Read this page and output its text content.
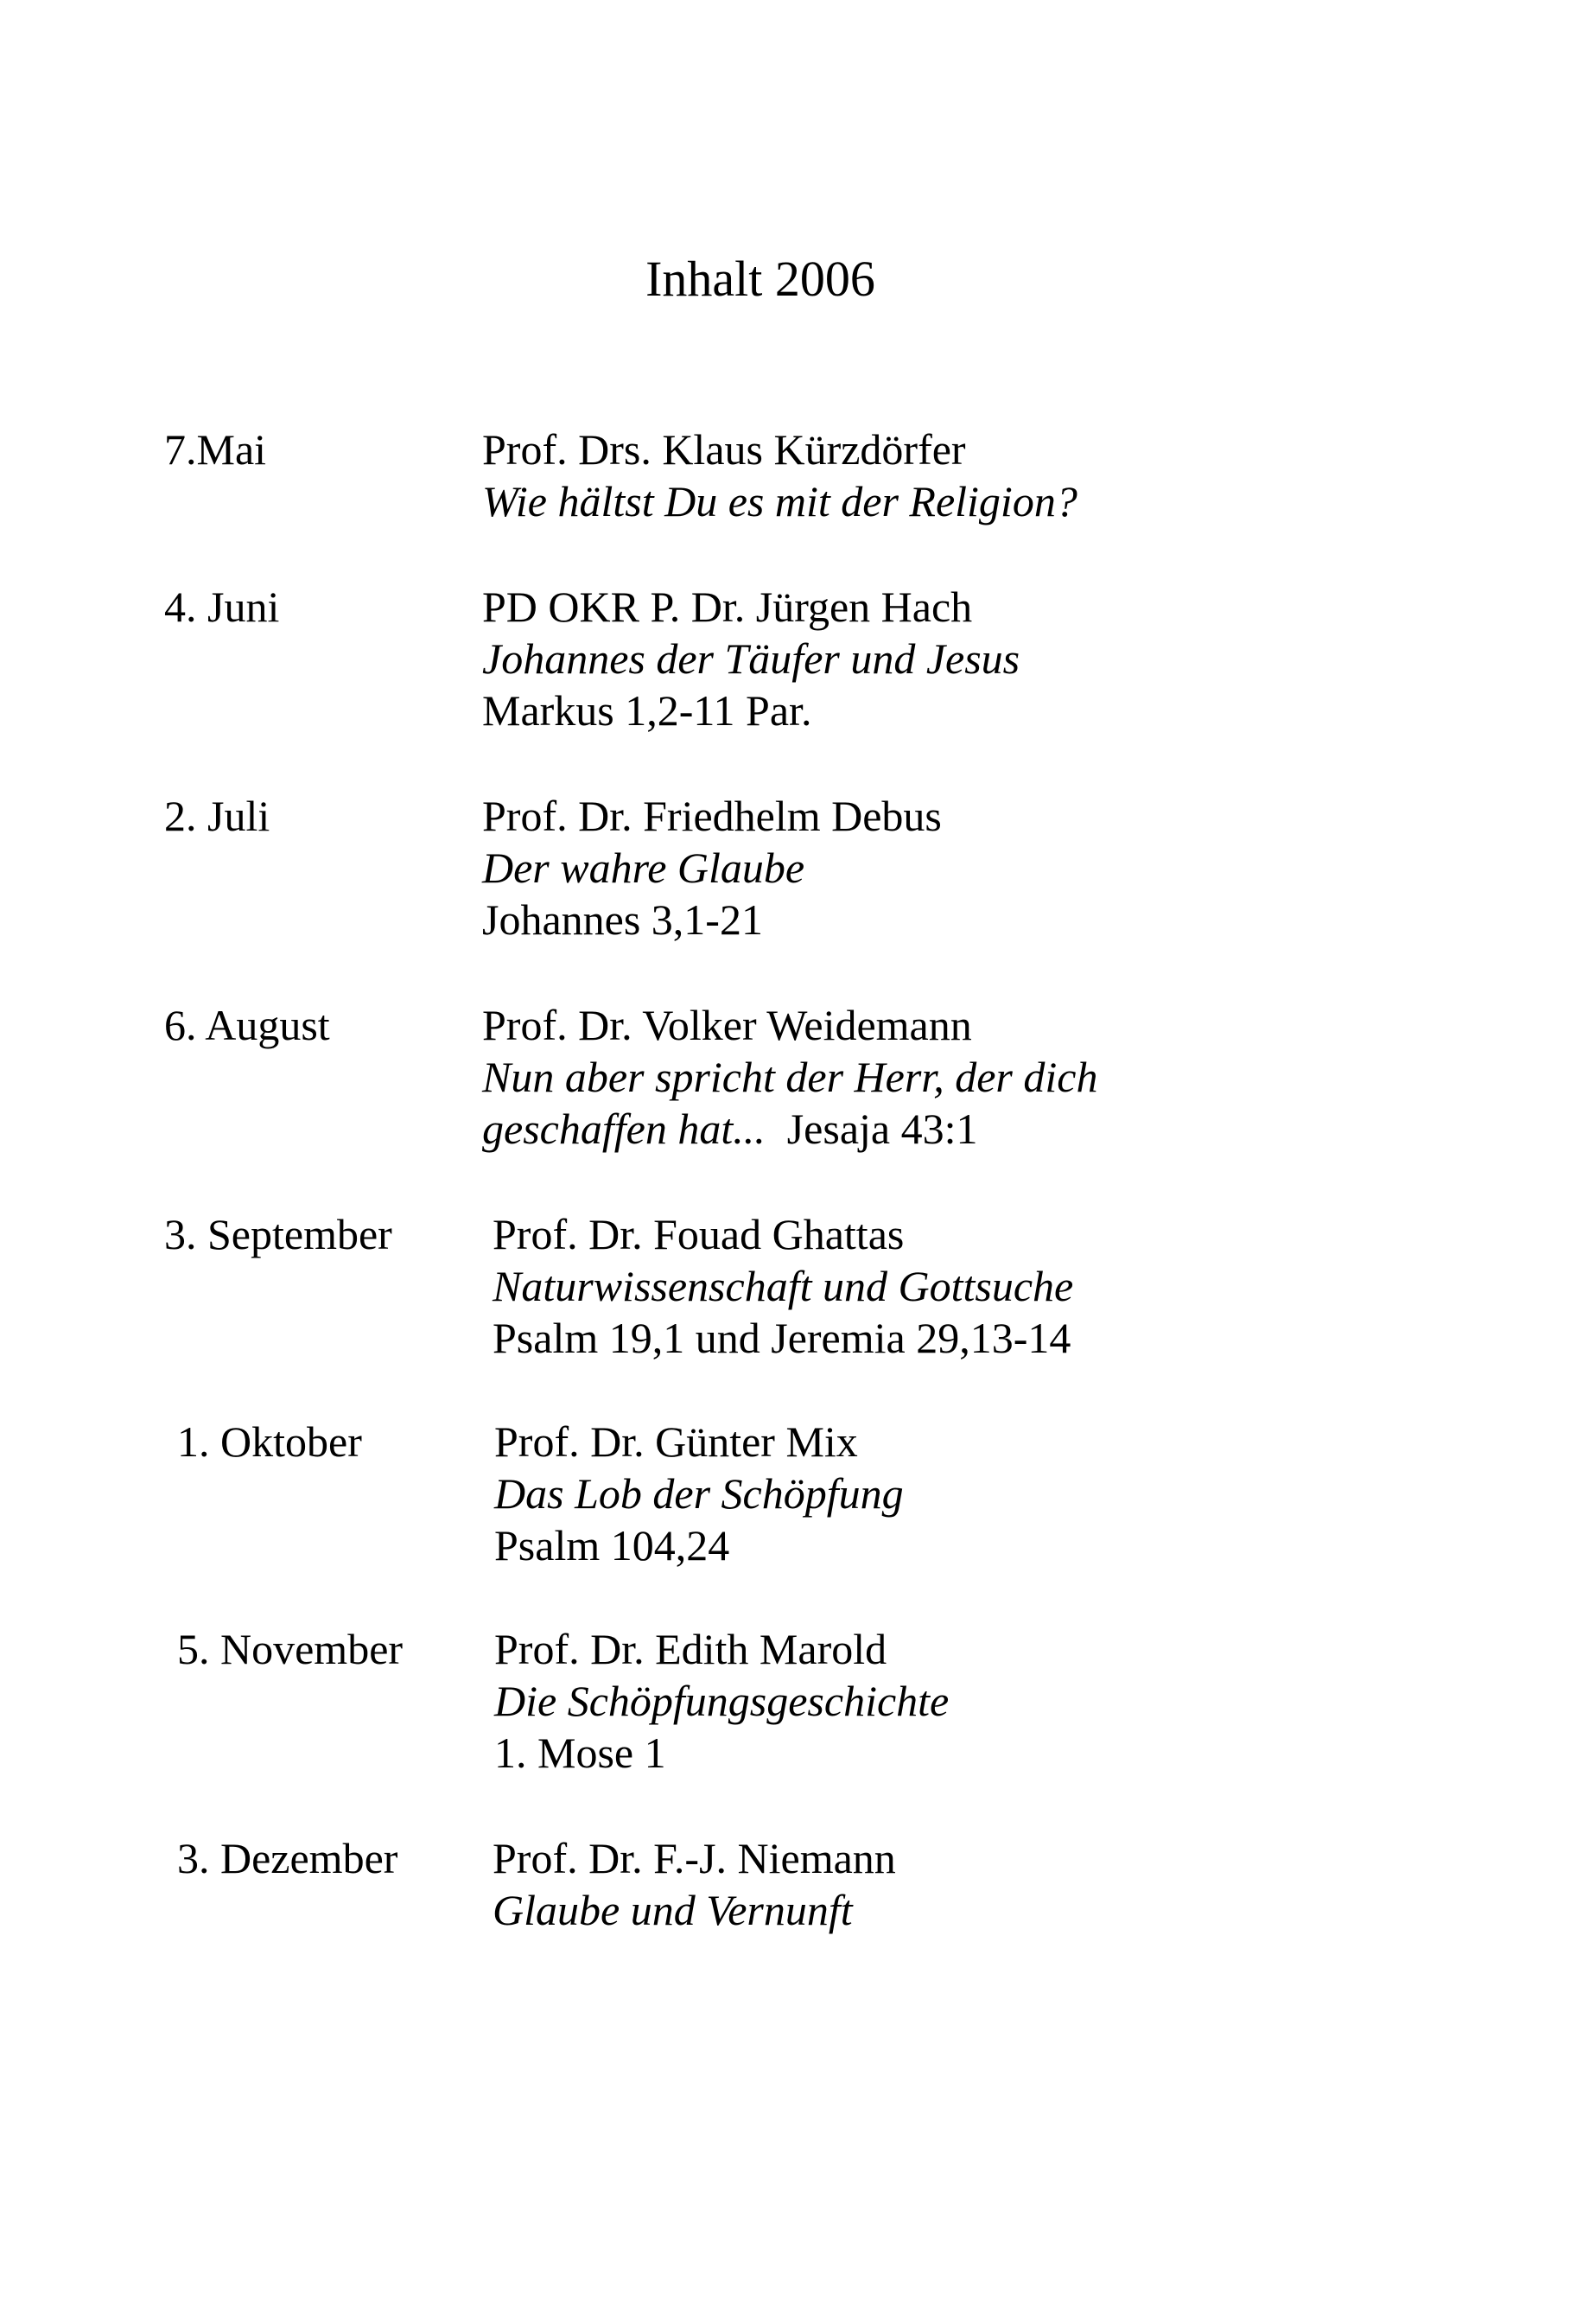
Inhalt 2006
7.Mai	Prof. Drs. Klaus Kürzdörfer
Wie hältst Du es mit der Religion?
4. Juni	PD OKR P. Dr. Jürgen Hach
Johannes der Täufer und Jesus
Markus 1,2-11 Par.
2. Juli	Prof. Dr. Friedhelm Debus
Der wahre Glaube
Johannes 3,1-21
6. August	Prof. Dr. Volker Weidemann
Nun aber spricht der Herr, der dich
geschaffen hat... Jesaja 43:1
3. September Prof. Dr. Fouad Ghattas
Naturwissenschaft und Gottsuche
Psalm 19,1 und Jeremia 29,13-14
1. Oktober	Prof. Dr. Günter Mix
Das Lob der Schöpfung
Psalm 104,24
5. November Prof. Dr. Edith Marold
Die Schöpfungsgeschichte
1. Mose 1
3. Dezember Prof. Dr. F.-J. Niemann
Glaube und Vernunft
